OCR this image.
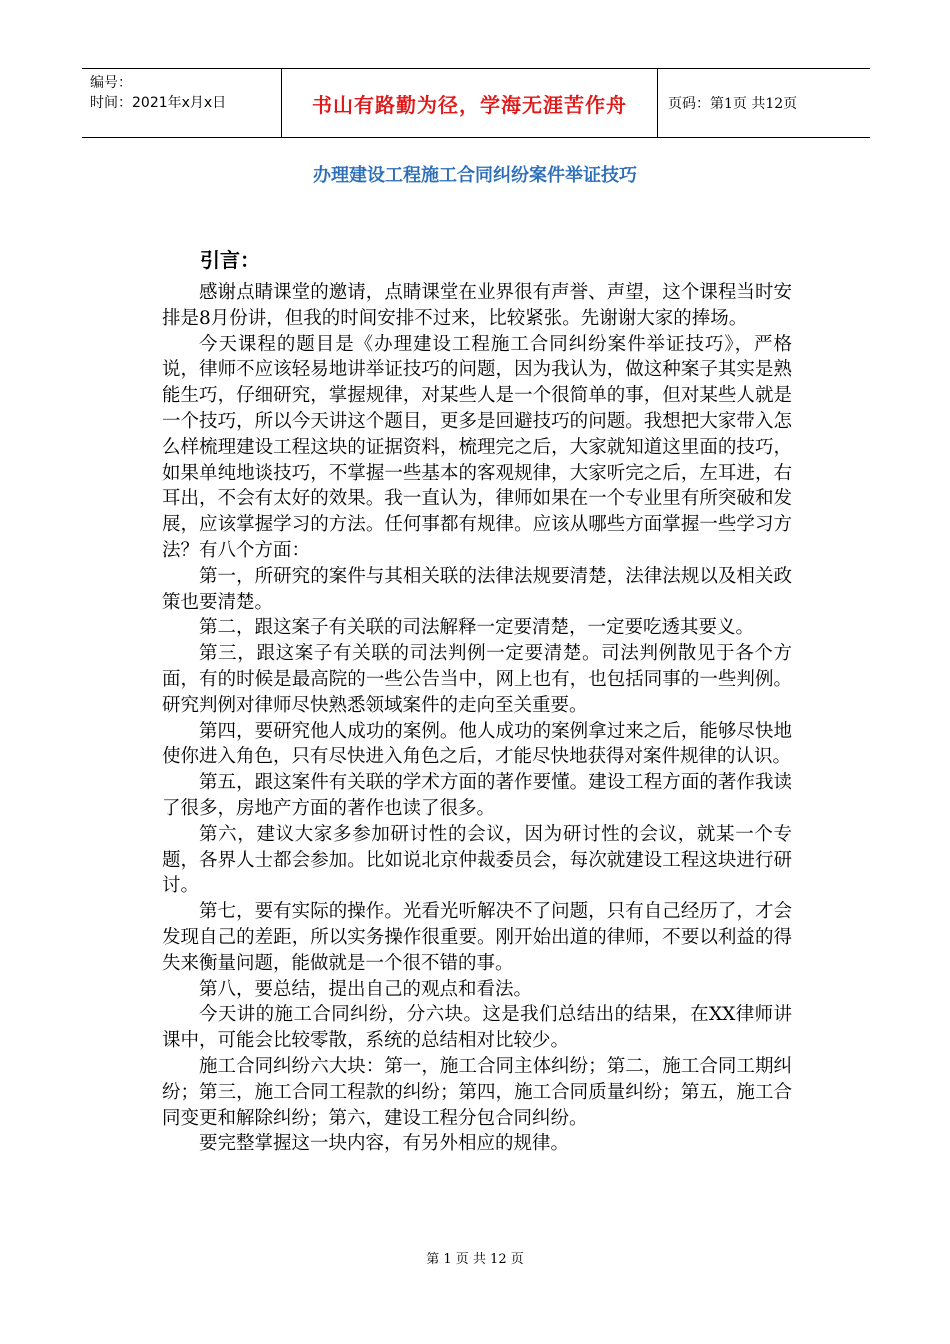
编号：
时间：2021年x月x日	书山有路勤为径，学海无涯苦作舟	页码：第1页 共12页
办理建设工程施工合同纠纷案件举证技巧
引言：

感谢点睛课堂的邀请，点睛课堂在业界很有声誉、声望，这个课程当时安排是8月份讲，但我的时间安排不过来，比较紧张。先谢谢大家的捧场。

今天课程的题目是《办理建设工程施工合同纠纷案件举证技巧》，严格说，律师不应该轻易地讲举证技巧的问题，因为我认为，做这种案子其实是熟能生巧，仔细研究，掌握规律，对某些人是一个很简单的事，但对某些人就是一个技巧，所以今天讲这个题目，更多是回避技巧的问题。我想把大家带入怎么样梳理建设工程这块的证据资料，梳理完之后，大家就知道这里面的技巧，如果单纯地谈技巧，不掌握一些基本的客观规律，大家听完之后，左耳进，右耳出，不会有太好的效果。我一直认为，律师如果在一个专业里有所突破和发展，应该掌握学习的方法。任何事都有规律。应该从哪些方面掌握一些学习方法？有八个方面：

第一，所研究的案件与其相关联的法律法规要清楚，法律法规以及相关政策也要清楚。

第二，跟这案子有关联的司法解释一定要清楚，一定要吃透其要义。

第三，跟这案子有关联的司法判例一定要清楚。司法判例散见于各个方面，有的时候是最高院的一些公告当中，网上也有，也包括同事的一些判例。研究判例对律师尽快熟悉领域案件的走向至关重要。

第四，要研究他人成功的案例。他人成功的案例拿过来之后，能够尽快地使你进入角色，只有尽快进入角色之后，才能尽快地获得对案件规律的认识。

第五，跟这案件有关联的学术方面的著作要懂。建设工程方面的著作我读了很多，房地产方面的著作也读了很多。

第六，建议大家多参加研讨性的会议，因为研讨性的会议，就某一个专题，各界人士都会参加。比如说北京仲裁委员会，每次就建设工程这块进行研讨。

第七，要有实际的操作。光看光听解决不了问题，只有自己经历了，才会发现自己的差距，所以实务操作很重要。刚开始出道的律师，不要以利益的得失来衡量问题，能做就是一个很不错的事。

第八，要总结，提出自己的观点和看法。

今天讲的施工合同纠纷，分六块。这是我们总结出的结果，在XX律师讲课中，可能会比较零散，系统的总结相对比较少。

施工合同纠纷六大块：第一，施工合同主体纠纷；第二，施工合同工期纠纷；第三，施工合同工程款的纠纷；第四，施工合同质量纠纷；第五，施工合同变更和解除纠纷；第六，建设工程分包合同纠纷。

要完整掌握这一块内容，有另外相应的规律。

第 1 页 共 12 页
